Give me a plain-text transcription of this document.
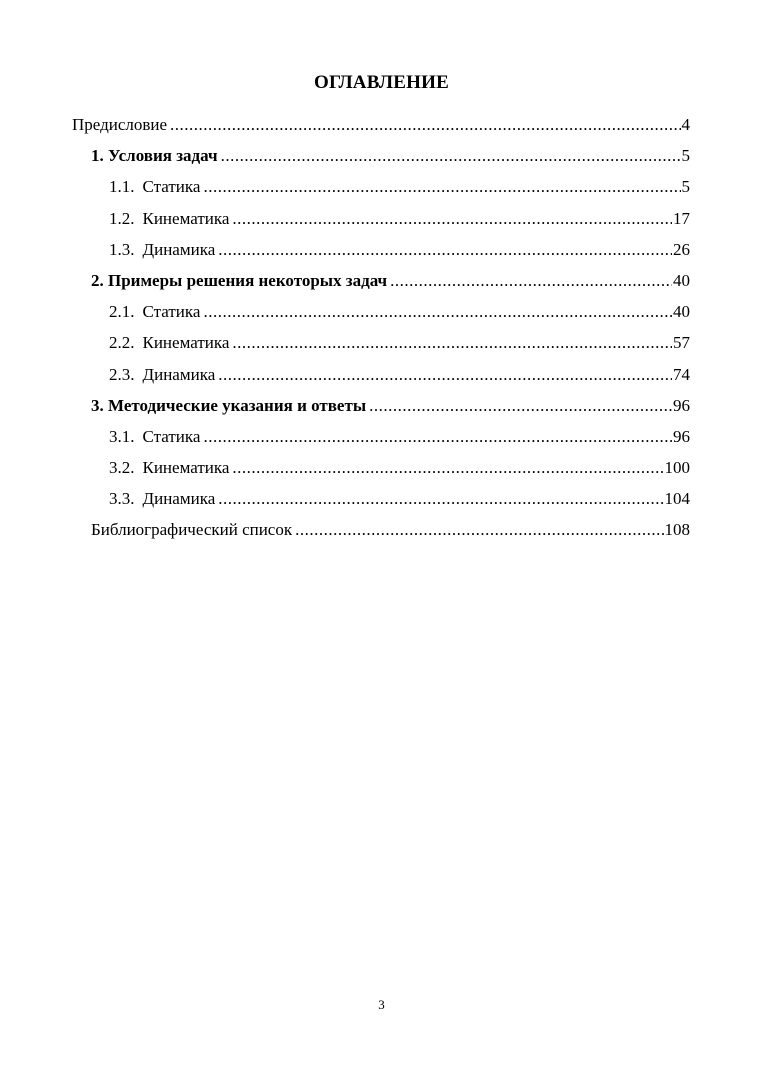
ОГЛАВЛЕНИЕ
Предисловие .....	4
1. Условия задач .....	5
1.1. Статика .....	5
1.2. Кинематика .....	17
1.3. Динамика .....	26
2. Примеры решения некоторых задач .....	40
2.1. Статика .....	40
2.2. Кинематика .....	57
2.3. Динамика .....	74
3. Методические указания и ответы .....	96
3.1. Статика .....	96
3.2. Кинематика .....	100
3.3. Динамика .....	104
Библиографический список .....	108
3
